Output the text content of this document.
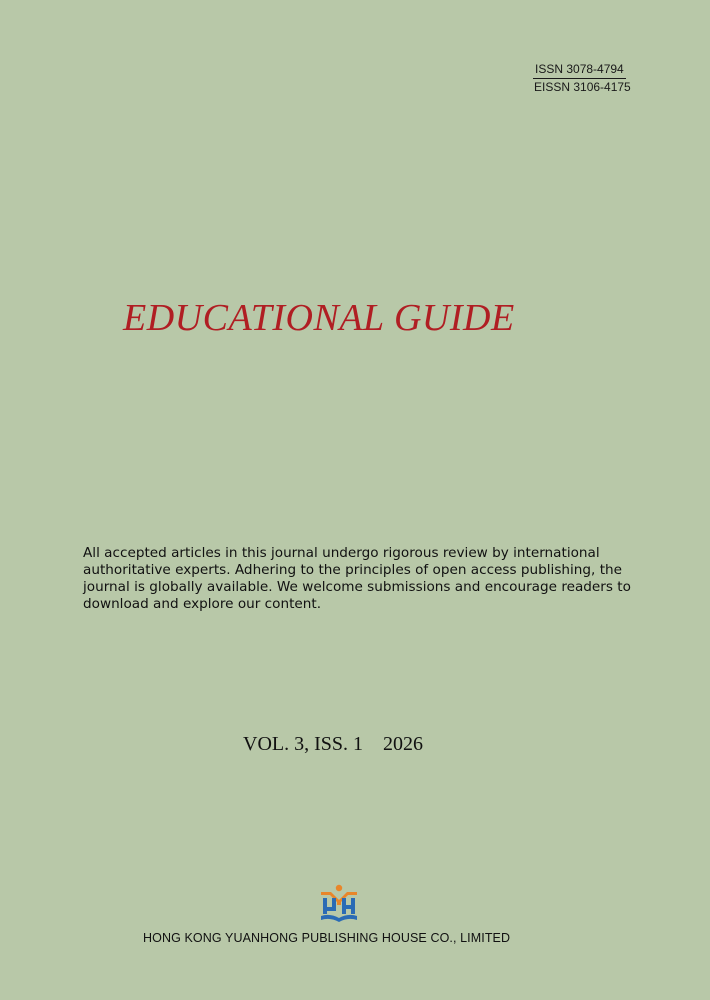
ISSN 3078-4794
EISSN 3106-4175
EDUCATIONAL GUIDE

All accepted articles in this journal undergo rigorous review by international authoritative experts. Adhering to the principles of open access publishing, the journal is globally available. We welcome submissions and encourage readers to download and explore our content.

VOL. 3, ISS. 1 2026
HONG KONG YUANHONG PUBLISHING HOUSE CO., LIMITED
